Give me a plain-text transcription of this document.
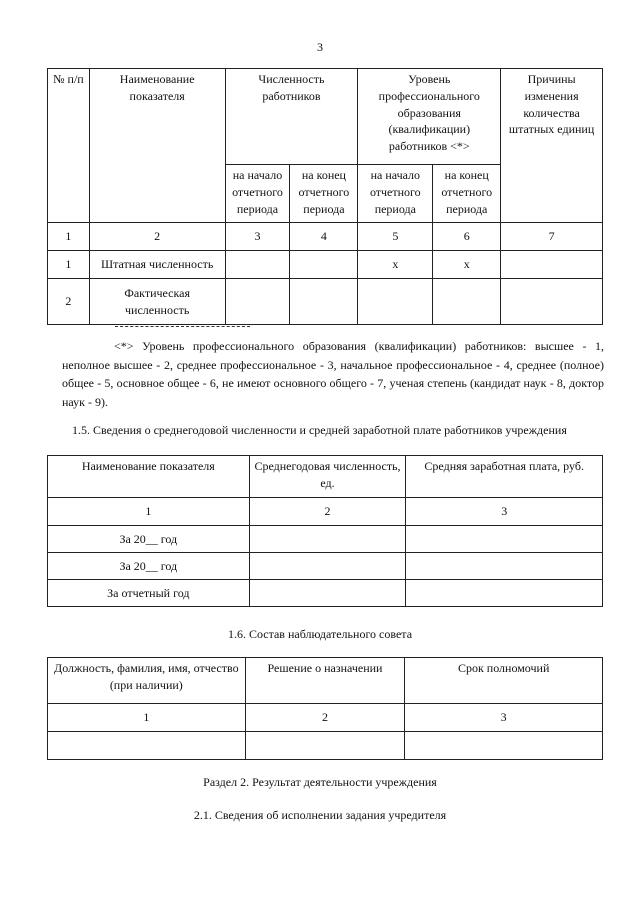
3
№ п/п	Наименование показателя	Численность работников		Уровень профессионального образования (квалификации) работников <*>		Причины изменения количества штатных единиц
		на начало отчетного периода	на конец отчетного периода	на начало отчетного периода	на конец отчетного периода	
1	2	3	4	5	6	7
1	Штатная численность			x	x	
2	Фактическая численность					
<*> Уровень профессионального образования (квалификации) работников: высшее - 1, неполное высшее - 2, среднее профессиональное - 3, начальное профессиональное - 4, среднее (полное) общее - 5, основное общее - 6, не имеют основного общего - 7, ученая степень (кандидат наук - 8, доктор наук - 9).
1.5. Сведения о среднегодовой численности и средней заработной плате работников учреждения
Наименование показателя	Среднегодовая численность, ед.	Средняя заработная плата, руб.
1	2	3
За 20__ год		
За 20__ год		
За отчетный год		
1.6. Состав наблюдательного совета
Должность, фамилия, имя, отчество (при наличии)	Решение о назначении	Срок полномочий
1	2	3

Раздел 2. Результат деятельности учреждения
2.1. Сведения об исполнении задания учредителя
